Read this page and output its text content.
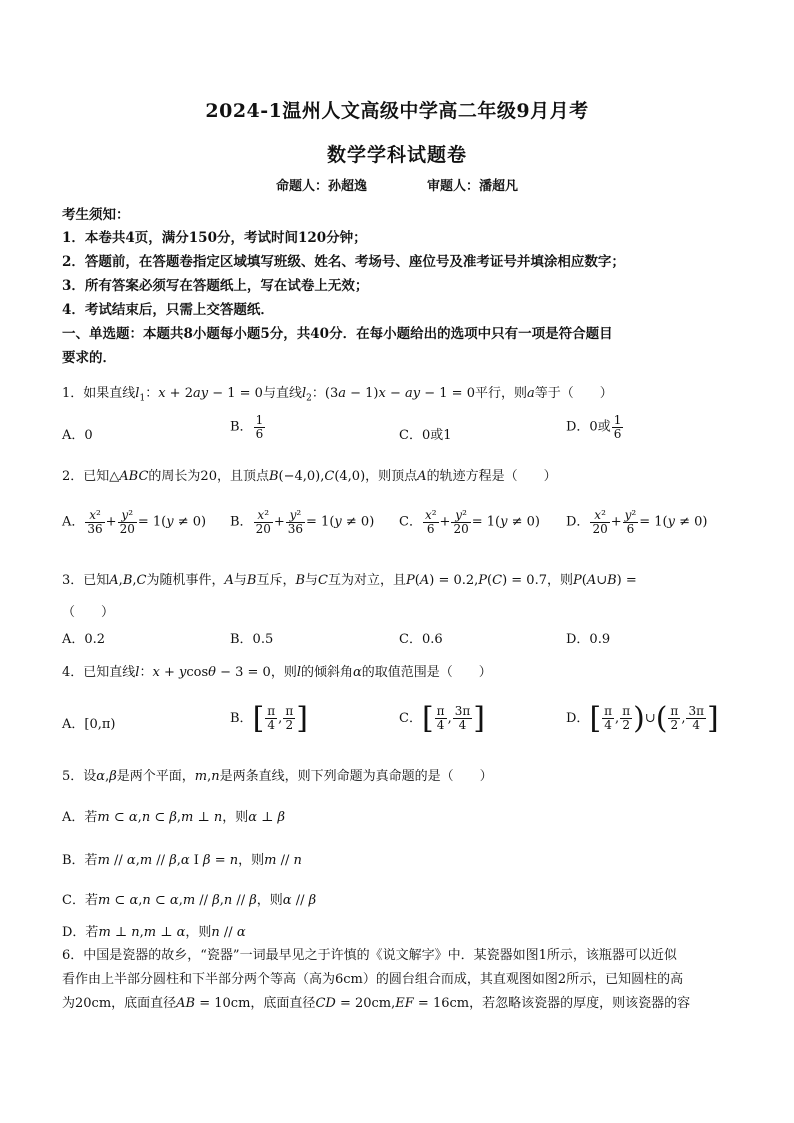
2024-1温州人文高级中学高二年级9月月考
数学学科试题卷
命题人：孙超逸	审题人：潘超凡
考生须知：
1．本卷共4页，满分150分，考试时间120分钟；
2．答题前，在答题卷指定区域填写班级、姓名、考场号、座位号及准考证号并填涂相应数字；
3．所有答案必须写在答题纸上，写在试卷上无效；
4．考试结束后，只需上交答题纸．
一、单选题：本题共8小题每小题5分，共40分．在每小题给出的选项中只有一项是符合题目
要求的．
1．如果直线$l_1$：x + 2ay − 1 = 0与直线$l_2$：(3a − 1)x − ay − 1 = 0平行，则a等于（　　）
A．0
B． $\frac{1}{6}$	C．0或1
D．0或 $\frac{1}{6}$
2．已知△ABC的周长为20，且顶点B(−4,0),C(4,0)，则顶点A的轨迹方程是（　　）
A． $\frac{\text{x²}}{36} + \frac{\text{y²}}{20} = 1(y \ne 0)$ B． $\frac{\text{x²}}{20} + \frac{\text{y²}}{36} = 1(y \ne 0)$ C． $\frac{\text{x²}}{6} + \frac{\text{y²}}{20} = 1(y \ne 0)$ D． $\frac{\text{x²}}{20} + \frac{\text{y²}}{6} = 1(y \ne 0)$
3．已知A,B,C为随机事件，A与B互斥，B与C互为对立，且P(A) = 0.2,P(C) = 0.7，则P(A∪B) =
（　　）
A．0.2	B．0.5	C．0.6	D．0.9
4．已知直线l：x + ycosθ − 3 = 0，则l的倾斜角α的取值范围是（　　）
A．[0,π)	B．[ $\frac{\pi}{4}$ , $\frac{\pi}{2}$ ]	C．[ $\frac{\pi}{4}$ , $\frac{3\pi}{4}$ ]	D．[ $\frac{\pi}{4}$ , $\frac{\pi}{2}$ )∪( $\frac{\pi}{2}$ , $\frac{3\pi}{4}$ ]
5．设α,β是两个平面，m,n是两条直线，则下列命题为真命题的是（　　）
A．若m ⊂ α,n ⊂ β,m ⊥ n，则α ⊥ β
B．若m // α,m // β,α I β = n，则m // n
C．若m ⊂ α,n ⊂ α,m // β,n // β，则α // β
D．若m ⊥ n,m ⊥ α，则n // α
6．中国是瓷器的故乡，“瓷器”一词最早见之于许慎的《说文解字》中．某瓷器如图1所示，该瓶器可以近似
看作由上半部分圆柱和下半部分两个等高（高为6cm）的圆台组合而成，其直观图如图2所示，已知圆柱的高
为20cm，底面直径AB = 10cm，底面直径CD = 20cm,EF = 16cm，若忽略该瓷器的厚度，则该瓷器的容
